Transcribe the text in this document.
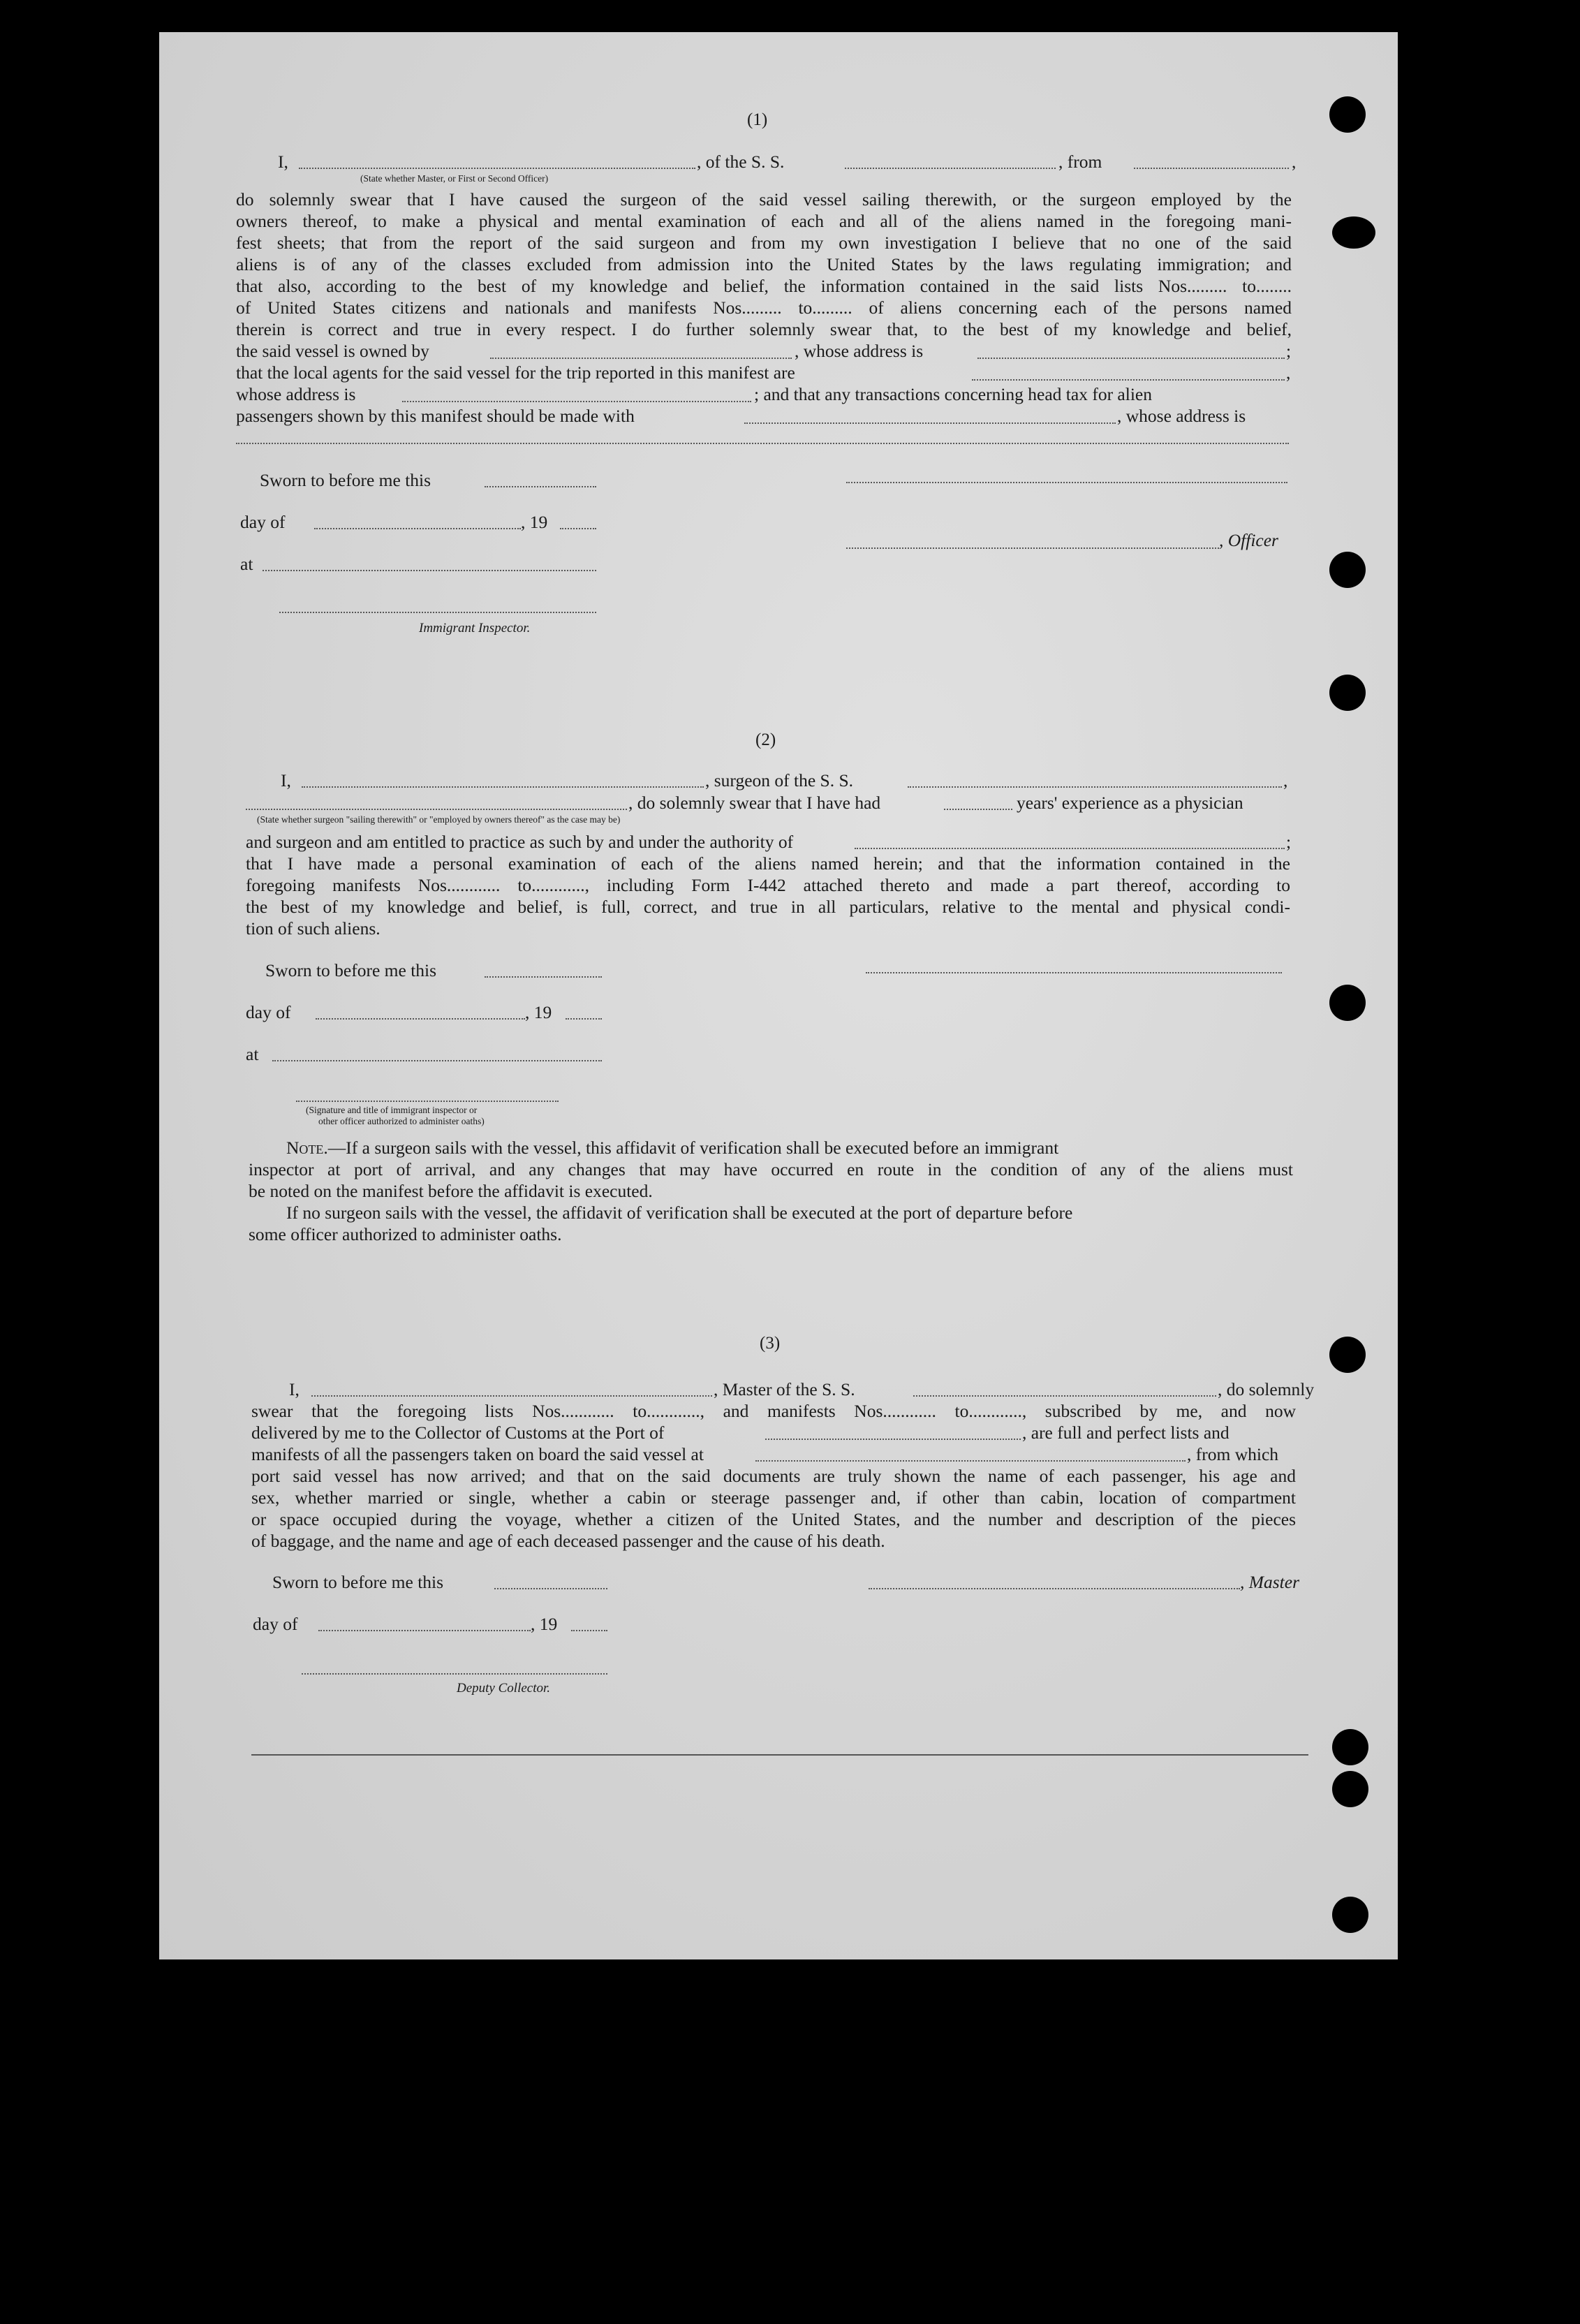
(1)
I,	, of the S. S.	, from	,
(State whether Master, or First or Second Officer)
do solemnly swear that I have caused the surgeon of the said vessel sailing therewith, or the surgeon employed by the
owners thereof, to make a physical and mental examination of each and all of the aliens named in the foregoing mani-
fest sheets; that from the report of the said surgeon and from my own investigation I believe that no one of the said
aliens is of any of the classes excluded from admission into the United States by the laws regulating immigration; and
that also, according to the best of my knowledge and belief, the information contained in the said lists Nos......... to........
of United States citizens and nationals and manifests Nos......... to......... of aliens concerning each of the persons named
therein is correct and true in every respect. I do further solemnly swear that, to the best of my knowledge and belief,
the said vessel is owned by	, whose address is	;
that the local agents for the said vessel for the trip reported in this manifest are	,
whose address is	; and that any transactions concerning head tax for alien
passengers shown by this manifest should be made with	, whose address is
Sworn to before me this
day of	, 19
, Officer
at
Immigrant Inspector.
(2)
I,	, surgeon of the S. S.	,
, do solemnly swear that I have had	years' experience as a physician
(State whether surgeon "sailing therewith" or "employed by owners thereof" as the case may be)
and surgeon and am entitled to practice as such by and under the authority of	;
that I have made a personal examination of each of the aliens named herein; and that the information contained in the
foregoing manifests Nos............ to............, including Form I-442 attached thereto and made a part thereof, according to
the best of my knowledge and belief, is full, correct, and true in all particulars, relative to the mental and physical condi-
tion of such aliens.
Sworn to before me this
day of	, 19
at
(Signature and title of immigrant inspector or
other officer authorized to administer oaths)
Note.—If a surgeon sails with the vessel, this affidavit of verification shall be executed before an immigrant
inspector at port of arrival, and any changes that may have occurred en route in the condition of any of the aliens must
be noted on the manifest before the affidavit is executed.
If no surgeon sails with the vessel, the affidavit of verification shall be executed at the port of departure before
some officer authorized to administer oaths.
(3)
I,	, Master of the S. S.	, do solemnly
swear that the foregoing lists Nos............ to............, and manifests Nos............ to............, subscribed by me, and now
delivered by me to the Collector of Customs at the Port of	, are full and perfect lists and
manifests of all the passengers taken on board the said vessel at	, from which
port said vessel has now arrived; and that on the said documents are truly shown the name of each passenger, his age and
sex, whether married or single, whether a cabin or steerage passenger and, if other than cabin, location of compartment
or space occupied during the voyage, whether a citizen of the United States, and the number and description of the pieces
of baggage, and the name and age of each deceased passenger and the cause of his death.
Sworn to before me this	, Master
day of	, 19
Deputy Collector.
